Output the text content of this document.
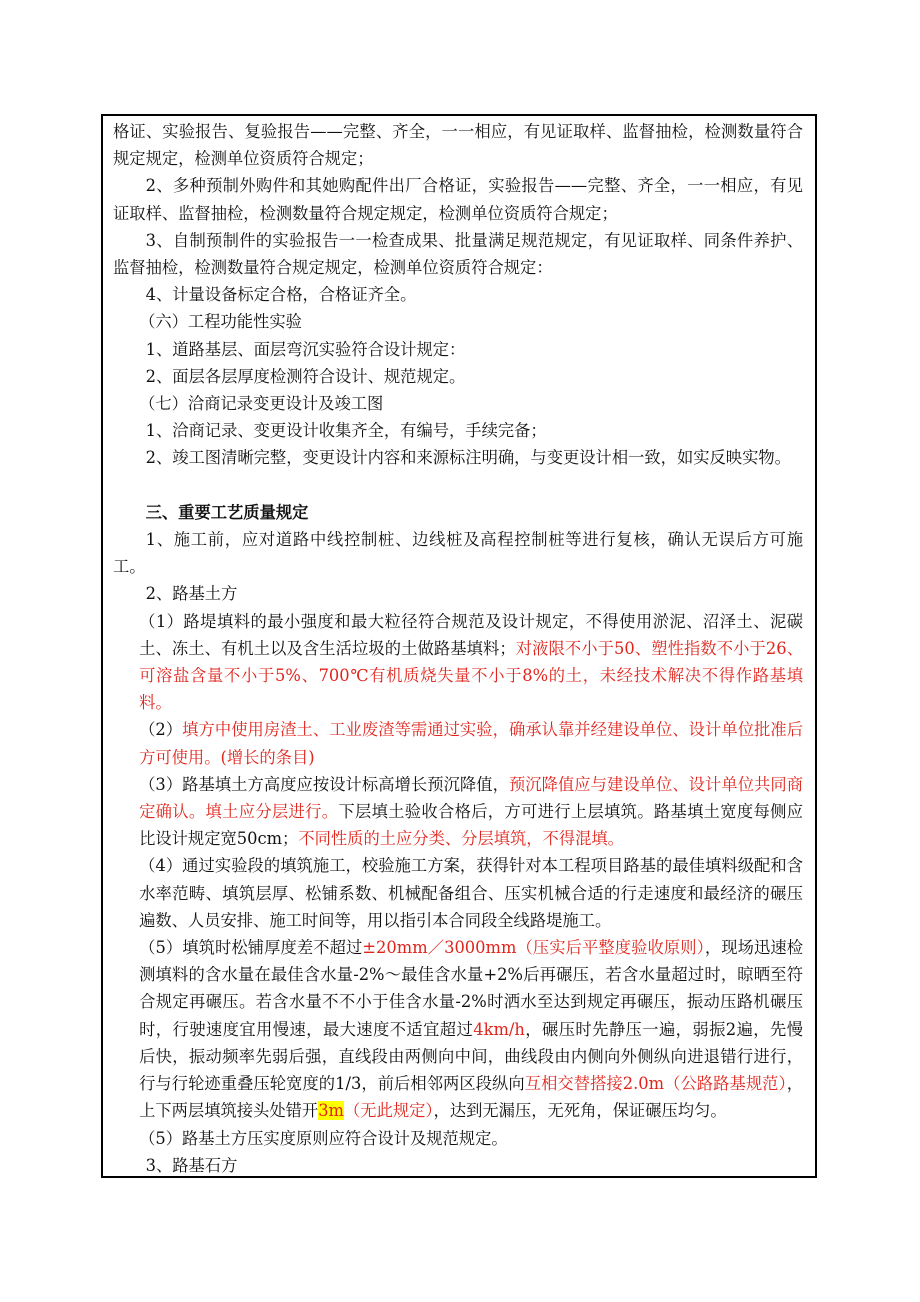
格证、实验报告、复验报告——完整、齐全，一一相应，有见证取样、监督抽检，检测数量符合规定规定，检测单位资质符合规定；

2、多种预制外购件和其她购配件出厂合格证，实验报告——完整、齐全，一一相应，有见证取样、监督抽检，检测数量符合规定规定，检测单位资质符合规定；

3、自制预制件的实验报告一一检查成果、批量满足规范规定，有见证取样、同条件养护、监督抽检，检测数量符合规定规定，检测单位资质符合规定：

4、计量设备标定合格，合格证齐全。

（六）工程功能性实验

1、道路基层、面层弯沉实验符合设计规定：

2、面层各层厚度检测符合设计、规范规定。

（七）洽商记录变更设计及竣工图

1、洽商记录、变更设计收集齐全，有编号，手续完备；

2、竣工图清晰完整，变更设计内容和来源标注明确，与变更设计相一致，如实反映实物。

三、重要工艺质量规定

1、施工前，应对道路中线控制桩、边线桩及高程控制桩等进行复核，确认无误后方可施工。

2、路基土方

（1）路堤填料的最小强度和最大粒径符合规范及设计规定，不得使用淤泥、沼泽土、泥碳土、冻土、有机土以及含生活垃圾的土做路基填料；对液限不小于50、塑性指数不小于26、可溶盐含量不小于5%、700℃有机质烧失量不小于8%的土，未经技术解决不得作路基填料。

（2）填方中使用房渣土、工业废渣等需通过实验，确承认靠并经建设单位、设计单位批准后方可使用。(增长的条目)

（3）路基填土方高度应按设计标高增长预沉降值，预沉降值应与建设单位、设计单位共同商定确认。填土应分层进行。下层填土验收合格后，方可进行上层填筑。路基填土宽度每侧应比设计规定宽50cm；不同性质的土应分类、分层填筑，不得混填。

（4）通过实验段的填筑施工，校验施工方案，获得针对本工程项目路基的最佳填料级配和含水率范畴、填筑层厚、松铺系数、机械配备组合、压实机械合适的行走速度和最经济的碾压遍数、人员安排、施工时间等，用以指引本合同段全线路堤施工。

（5）填筑时松铺厚度差不超过±20mm／3000mm（压实后平整度验收原则），现场迅速检测填料的含水量在最佳含水量-2%～最佳含水量+2%后再碾压，若含水量超过时，晾晒至符合规定再碾压。若含水量不不小于佳含水量-2%时洒水至达到规定再碾压，振动压路机碾压时，行驶速度宜用慢速，最大速度不适宜超过4km/h，碾压时先静压一遍，弱振2遍，先慢后快，振动频率先弱后强，直线段由两侧向中间，曲线段由内侧向外侧纵向进退错行进行，行与行轮迹重叠压轮宽度的1/3，前后相邻两区段纵向互相交替搭接2.0m（公路路基规范），上下两层填筑接头处错开3m（无此规定），达到无漏压，无死角，保证碾压均匀。

（5）路基土方压实度原则应符合设计及规范规定。

3、路基石方
